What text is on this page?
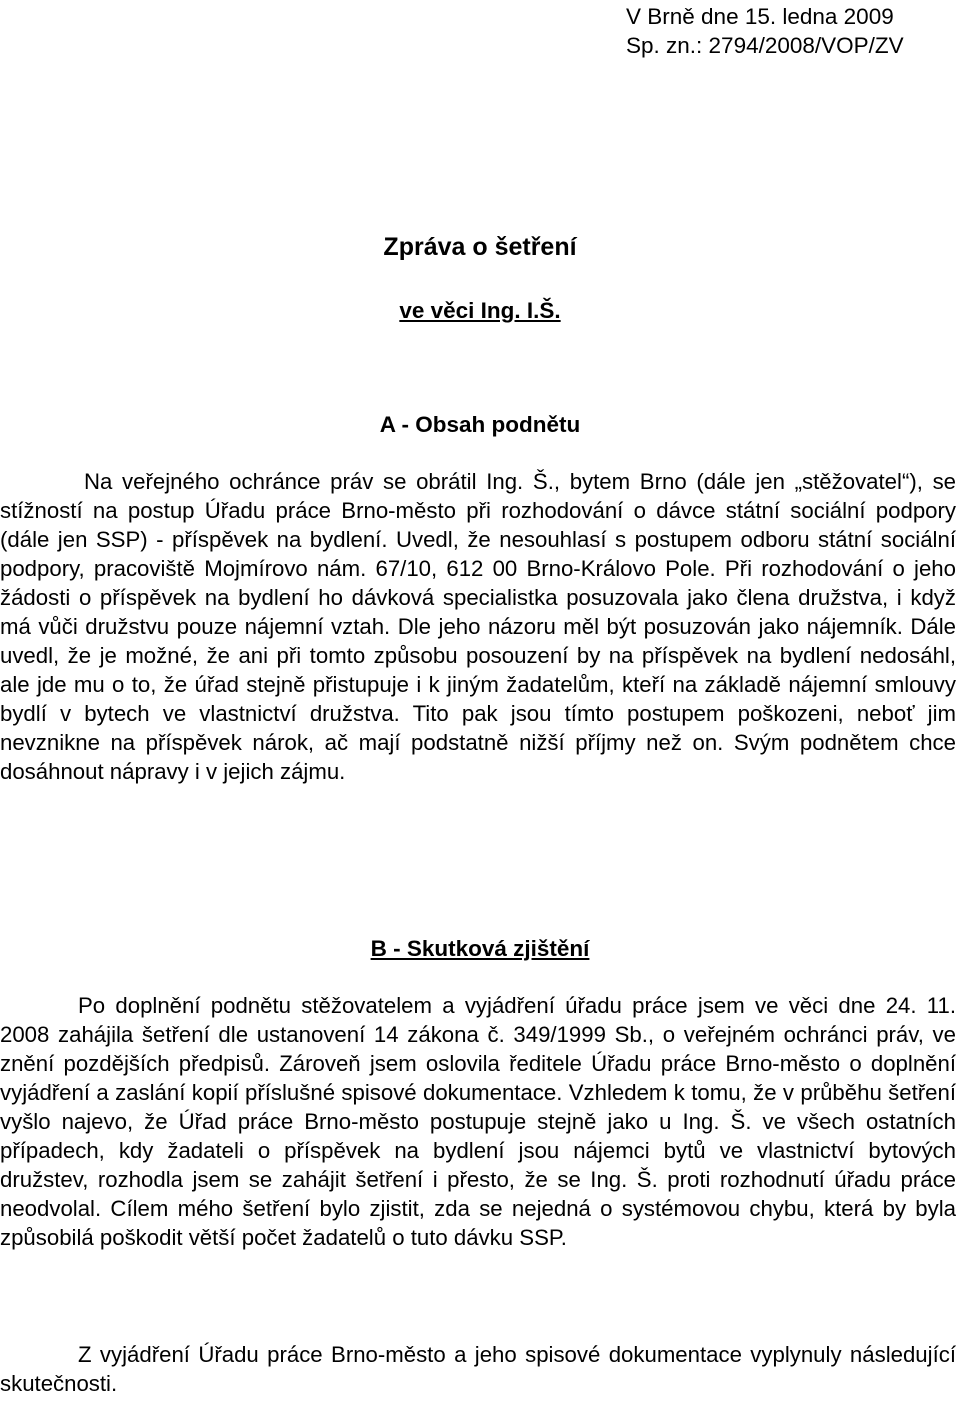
V Brně dne 15. ledna 2009
Sp. zn.: 2794/2008/VOP/ZV
Zpráva o šetření
ve věci Ing. I.Š.
A - Obsah podnětu

Na veřejného ochránce práv se obrátil Ing. Š., bytem Brno (dále jen „stěžovatel“), se stížností na postup Úřadu práce Brno-město při rozhodování o dávce státní sociální podpory (dále jen SSP) - příspěvek na bydlení. Uvedl, že nesouhlasí s postupem odboru státní sociální podpory, pracoviště Mojmírovo nám. 67/10, 612 00 Brno-Královo Pole. Při rozhodování o jeho žádosti o příspěvek na bydlení ho dávková specialistka posuzovala jako člena družstva, i když má vůči družstvu pouze nájemní vztah. Dle jeho názoru měl být posuzován jako nájemník. Dále uvedl, že je možné, že ani při tomto způsobu posouzení by na příspěvek na bydlení nedosáhl, ale jde mu o to, že úřad stejně přistupuje i k jiným žadatelům, kteří na základě nájemní smlouvy bydlí v bytech ve vlastnictví družstva. Tito pak jsou tímto postupem poškozeni, neboť jim nevznikne na příspěvek nárok, ač mají podstatně nižší příjmy než on. Svým podnětem chce dosáhnout nápravy i v jejich zájmu.

B - Skutková zjištění

Po doplnění podnětu stěžovatelem a vyjádření úřadu práce jsem ve věci dne 24. 11. 2008 zahájila šetření dle ustanovení 14 zákona č. 349/1999 Sb., o veřejném ochránci práv, ve znění pozdějších předpisů. Zároveň jsem oslovila ředitele Úřadu práce Brno-město o doplnění vyjádření a zaslání kopií příslušné spisové dokumentace. Vzhledem k tomu, že v průběhu šetření vyšlo najevo, že Úřad práce Brno-město postupuje stejně jako u Ing. Š. ve všech ostatních případech, kdy žadateli o příspěvek na bydlení jsou nájemci bytů ve vlastnictví bytových družstev, rozhodla jsem se zahájit šetření i přesto, že se Ing. Š. proti rozhodnutí úřadu práce neodvolal. Cílem mého šetření bylo zjistit, zda se nejedná o systémovou chybu, která by byla způsobilá poškodit větší počet žadatelů o tuto dávku SSP.

Z vyjádření Úřadu práce Brno-město a jeho spisové dokumentace vyplynuly následující skutečnosti.
